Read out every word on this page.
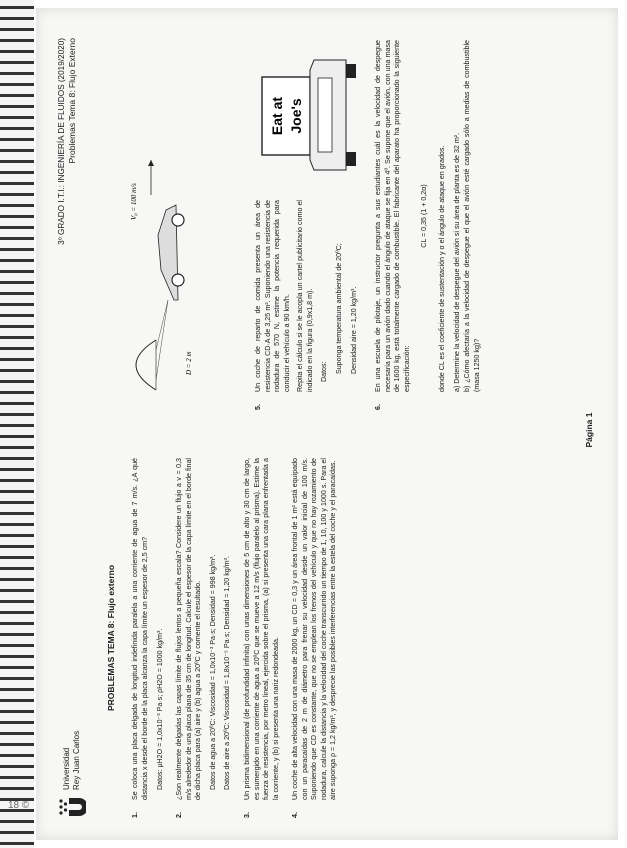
Universidad Rey Juan Carlos
3º GRADO I.T.I.: INGENIERÍA DE FLUIDOS (2019/2020) Problemas Tema 8: Flujo Externo
PROBLEMAS TEMA 8: Flujo externo
1.
Se coloca una placa delgada de longitud indefinida paralela a una corriente de agua de 7 m/s. ¿A qué distancia x desde el borde de la placa alcanza la capa límite un espesor de 2,5 cm? Datos: μH2O = 1,0x10⁻³ Pa·s; ρH2O = 1000 kg/m³.
2.
¿Son realmente delgadas las capas límite de flujos lentos a pequeña escala? Considere un flujo a v = 0,3 m/s alrededor de una placa plana de 35 cm de longitud. Calcule el espesor de la capa límite en el borde final de dicha placa para (a) aire y (b) agua a 20ºC y comente el resultado. Datos de agua a 20ºC: Viscosidad = 1,0x10⁻³ Pa·s; Densidad = 998 kg/m³. Datos de aire a 20ºC: Viscosidad = 1,8x10⁻⁵ Pa·s; Densidad = 1,20 kg/m³.
3.
Un prisma bidimensional (de profundidad infinita) con unas dimensiones de 5 cm de alto y 30 cm de largo, es sumergido en una corriente de agua a 20ºC que se mueve a 12 m/s (flujo paralelo al prisma). Estime la fuerza de resistencia, por metro lineal, ejercida sobre el prisma, (a) si presenta una cara plana enfrentada a la corriente, y (b) si presenta una nariz redondeada.
4.
Un coche de alta velocidad con una masa de 2000 kg, un CD = 0,3 y un área frontal de 1 m² está equipado con un paracaídas de 2 m de diámetro para frenar su velocidad desde un valor inicial de 100 m/s. Suponiendo que CD es constante, que no se emplean los frenos del vehículo y que no hay rozamiento de rodadura, calcule la distancia y la velocidad del coche transcurrido un tiempo de 1, 10, 100 y 1000 s. Para el aire suponga ρ = 1,2 kg/m³, y desprecie las posibles interferencias entre la estela del coche y el paracaídas.
D = 2 m
V₀ = 100 m/s
5.
Un coche de reparto de comida presenta un área de resistencia CD·A de 3,25 m². Suponiendo una resistencia de rodadura de 570 N, estime la potencia requerida para conducir el vehículo a 90 km/h. Repita el cálculo si se le acopla un cartel publicitario como el indicado en la figura (0,9x1,8 m). Datos: Suponga temperatura ambiental de 20ºC; Densidad aire = 1,20 kg/m³.
Eat at Joe's
6.
En una escuela de pilotaje, un instructor pregunta a sus estudiantes cuál es la velocidad de despegue necesaria para un avión dado cuando el ángulo de ataque se fija en 4º. Se supone que el avión, con una masa de 1600 kg, está totalmente cargado de combustible. El fabricante del aparato ha proporcionado la siguiente especificación:
CL = 0,35 (1 + 0,2α) donde CL es el coeficiente de sustentación y α el ángulo de ataque en grados. a) Determine la velocidad de despegue del avión si su área de planta es de 32 m². b) ¿Cómo afectaría a la velocidad de despegue el que el avión esté cargado sólo a medias de combustible (masa 1250 kg)?
Página 1
18 ©
